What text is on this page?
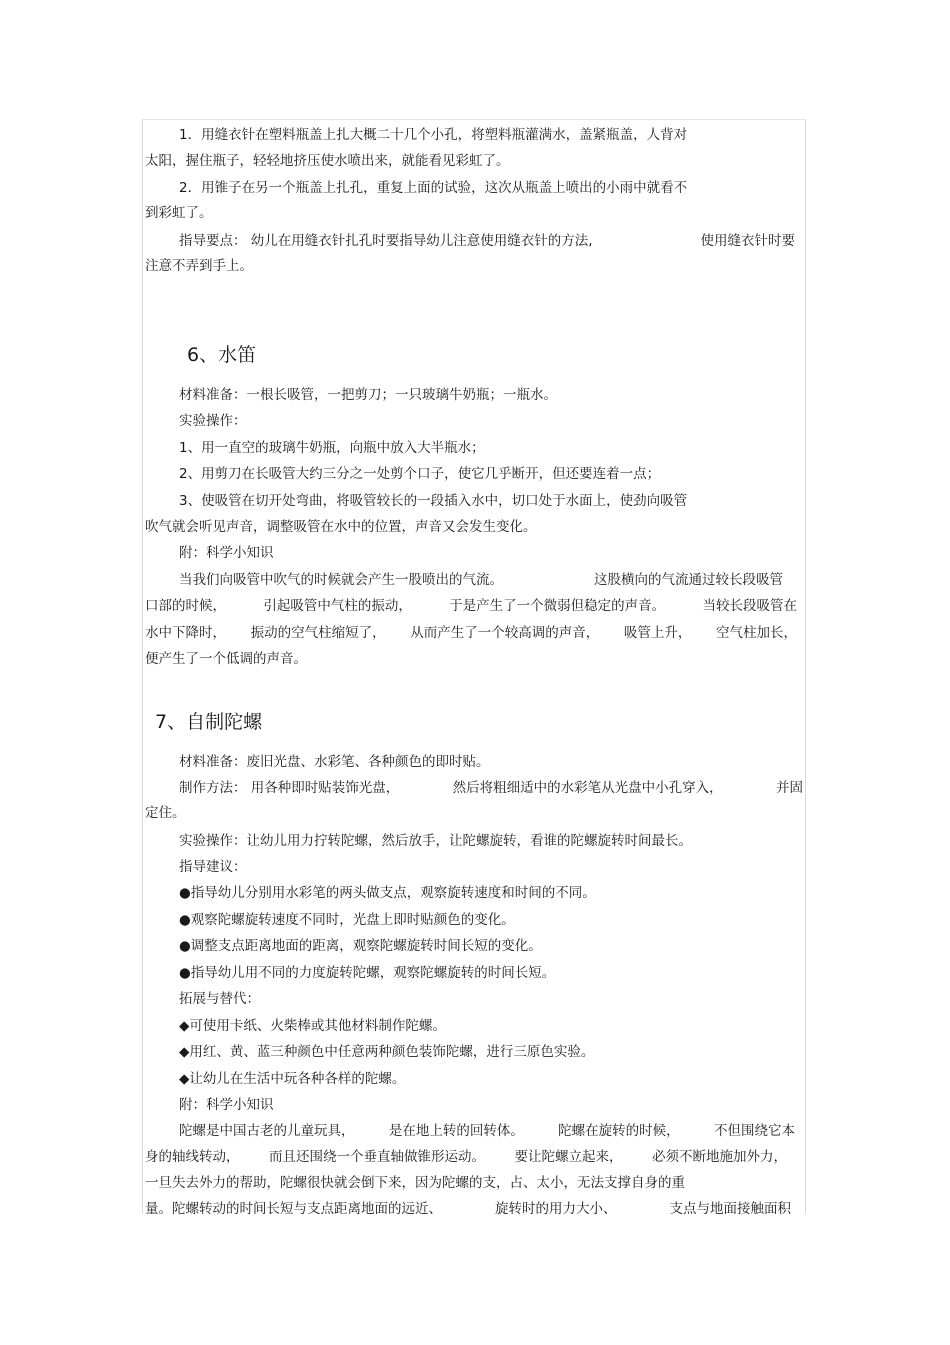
1．用缝衣针在塑料瓶盖上扎大概二十几个小孔，将塑料瓶灌满水，盖紧瓶盖，人背对
太阳，握住瓶子，轻轻地挤压使水喷出来，就能看见彩虹了。
2．用锥子在另一个瓶盖上扎孔，重复上面的试验，这次从瓶盖上喷出的小雨中就看不
到彩虹了。
指导要点： 幼儿在用缝衣针扎孔时要指导幼儿注意使用缝衣针的方法,	使用缝衣针时要
注意不弄到手上。
6、水笛
材料准备：一根长吸管，一把剪刀；一只玻璃牛奶瓶；一瓶水。
实验操作：
1、用一直空的玻璃牛奶瓶，向瓶中放入大半瓶水；
2、用剪刀在长吸管大约三分之一处剪个口子，使它几乎断开，但还要连着一点；
3、使吸管在切开处弯曲，将吸管较长的一段插入水中，切口处于水面上，使劲向吸管
吹气就会听见声音，调整吸管在水中的位置，声音又会发生变化。
附：科学小知识
当我们向吸管中吹气的时候就会产生一股喷出的气流。	这股横向的气流通过较长段吸管
口部的时候，	引起吸管中气柱的振动，	于是产生了一个微弱但稳定的声音。	当较长段吸管在
水中下降时， 振动的空气柱缩短了， 从而产生了一个较高调的声音， 吸管上升， 空气柱加长，
便产生了一个低调的声音。
7、自制陀螺
材料准备：废旧光盘、水彩笔、各种颜色的即时贴。
制作方法： 用各种即时贴装饰光盘，	然后将粗细适中的水彩笔从光盘中小孔穿入，	并固
定住。
实验操作：让幼儿用力拧转陀螺，然后放手，让陀螺旋转，看谁的陀螺旋转时间最长。
指导建议：
●指导幼儿分别用水彩笔的两头做支点，观察旋转速度和时间的不同。
●观察陀螺旋转速度不同时，光盘上即时贴颜色的变化。
●调整支点距离地面的距离，观察陀螺旋转时间长短的变化。
●指导幼儿用不同的力度旋转陀螺，观察陀螺旋转的时间长短。
拓展与替代：
◆可使用卡纸、火柴棒或其他材料制作陀螺。
◆用红、黄、蓝三种颜色中任意两种颜色装饰陀螺，进行三原色实验。
◆让幼儿在生活中玩各种各样的陀螺。
附：科学小知识
陀螺是中国古老的儿童玩具，	是在地上转的回转体。	陀螺在旋转的时候，	不但围绕它本
身的轴线转动， 而且还围绕一个垂直轴做锥形运动。 要让陀螺立起来， 必须不断地施加外力，
一旦失去外力的帮助，陀螺很快就会倒下来，因为陀螺的支，占、太小，无法支撑自身的重
量。陀螺转动的时间长短与支点距离地面的远近、	旋转时的用力大小、	支点与地面接触面积
